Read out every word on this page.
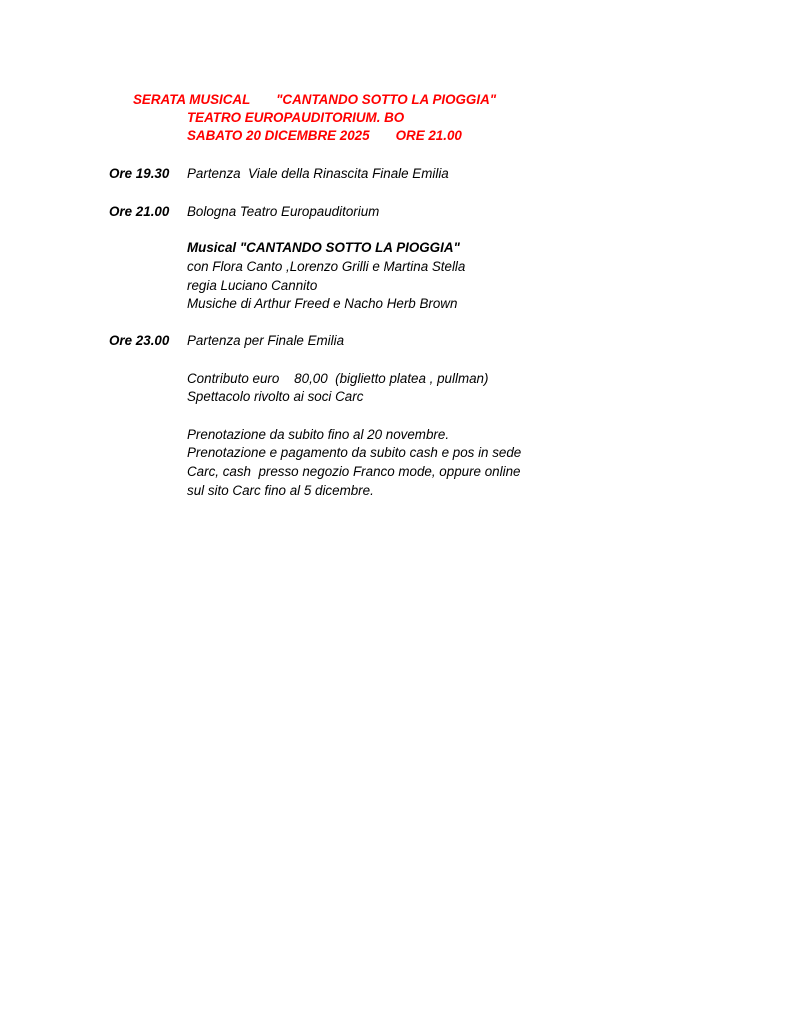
SERATA MUSICAL       "CANTANDO SOTTO LA PIOGGIA"
TEATRO EUROPAUDITORIUM. BO
SABATO 20 DICEMBRE 2025       ORE 21.00
Ore 19.30 Partenza  Viale della Rinascita Finale Emilia
Ore 21.00 Bologna Teatro Europauditorium
Musical "CANTANDO SOTTO LA PIOGGIA"
con Flora Canto ,Lorenzo Grilli e Martina Stella
regia Luciano Cannito
Musiche di Arthur Freed e Nacho Herb Brown
Ore 23.00 Partenza per Finale Emilia
Contributo euro    80,00  (biglietto platea , pullman)
Spettacolo rivolto ai soci Carc
Prenotazione da subito fino al 20 novembre.
Prenotazione e pagamento da subito cash e pos in sede
Carc, cash  presso negozio Franco mode, oppure online
sul sito Carc fino al 5 dicembre.
